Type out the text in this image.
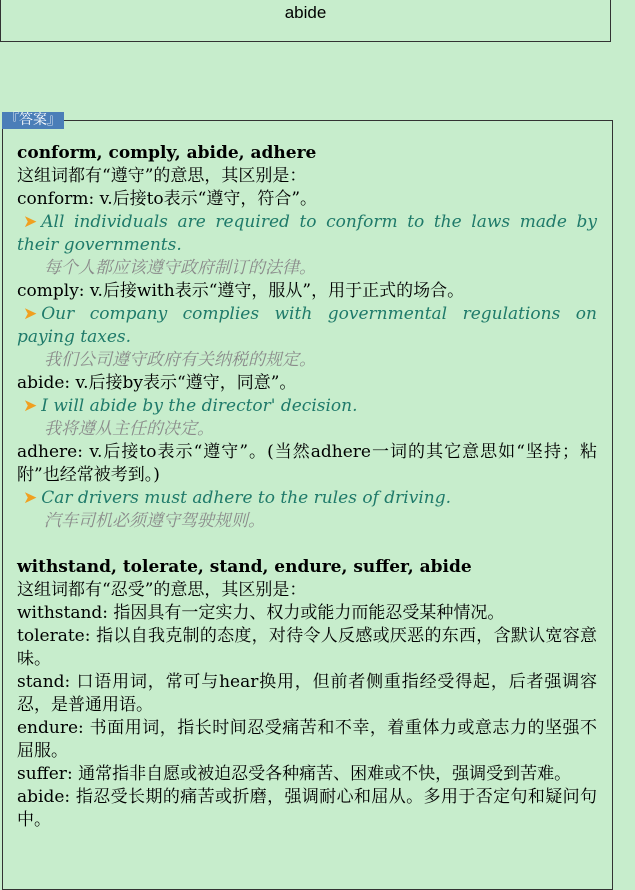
abide
『答案』

conform, comply, abide, adhere

这组词都有“遵守”的意思，其区别是：

conform: v.后接to表示“遵守，符合”。

➤ All individuals are required to conform to the laws made by their governments.

每个人都应该遵守政府制订的法律。

comply: v.后接with表示“遵守，服从”，用于正式的场合。

➤ Our company complies with governmental regulations on paying taxes.

我们公司遵守政府有关纳税的规定。

abide: v.后接by表示“遵守，同意”。

➤ I will abide by the director' decision.

我将遵从主任的决定。

adhere: v.后接to表示“遵守”。(当然adhere一词的其它意思如“坚持；粘附”也经常被考到。)

➤ Car drivers must adhere to the rules of driving.

汽车司机必须遵守驾驶规则。

withstand, tolerate, stand, endure, suffer, abide

这组词都有“忍受”的意思，其区别是：

withstand: 指因具有一定实力、权力或能力而能忍受某种情况。

tolerate: 指以自我克制的态度，对待令人反感或厌恶的东西，含默认宽容意味。

stand: 口语用词，常可与hear换用，但前者侧重指经受得起，后者强调容忍，是普通用语。

endure: 书面用词，指长时间忍受痛苦和不幸，着重体力或意志力的坚强不屈服。

suffer: 通常指非自愿或被迫忍受各种痛苦、困难或不快，强调受到苦难。

abide: 指忍受长期的痛苦或折磨，强调耐心和屈从。多用于否定句和疑问句中。
